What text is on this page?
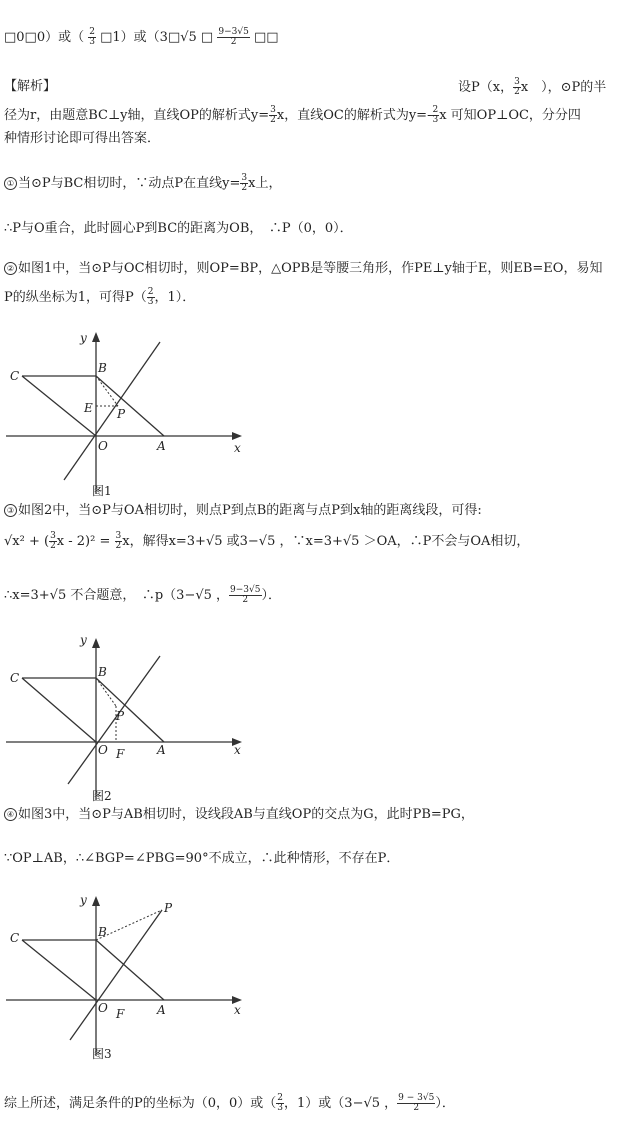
□0□0）或（ $\frac{2}{3}$ □1）或（3□√5 □ $\frac{9-3√5}{2}$ □□
【解析】	设P（x， $\frac{3}{2}$ x　），⊙P的半
径为r，由题意BC⊥y轴，直线OP的解析式$y= \frac{3}{2}$ x，直线OC的解析式为$y=- \frac{2}{3}$ x 可知OP⊥OC，分分四
种情形讨论即可得出答案．
① 当⊙P与BC相切时，∵动点P在直线$y= \frac{3}{2}$ x上，
∴P与O重合，此时圆心P到BC的距离为OB，　∴P（0，0）．
② 如图1中，当⊙P与OC相切时，则OP=BP，△OPB是等腰三角形，作PE⊥y轴于E，则EB=EO，易知
P的纵坐标为1，可得$P( \frac{2}{3}$ ，1）．
y
x
C
B
E P
O	A
图1
③ 如图2中，当⊙P与OA相切时，则点P到点B的距离与点P到x轴的距离线段，可得:
√x² + ( $\frac{3}{2}$ $x - 2)^2 = \frac{3}{2}$ x，解得x=3+√5 或3−√5 ，∵x=3+√5 ＞OA，∴P不会与OA相切，
∴x=3+√5 不合题意，　∴p（3−√5 ， $\frac{9-3√5}{2}$ ）．
y
x
C	B
P
O F	A
图2
④ 如图3中，当⊙P与AB相切时，设线段AB与直线OP的交点为G，此时PB=PG，
∵OP⊥AB，∴∠BGP=∠PBG=90°不成立，∴此种情形，不存在P．
y
x
C	B
P
O F	A
图3
综上所述，满足条件的P的坐标为（0，0）或（ $\frac{2}{3}$ ，1）或（3−√5 ， $\frac{9 - 3√5}{2}$ ）．
